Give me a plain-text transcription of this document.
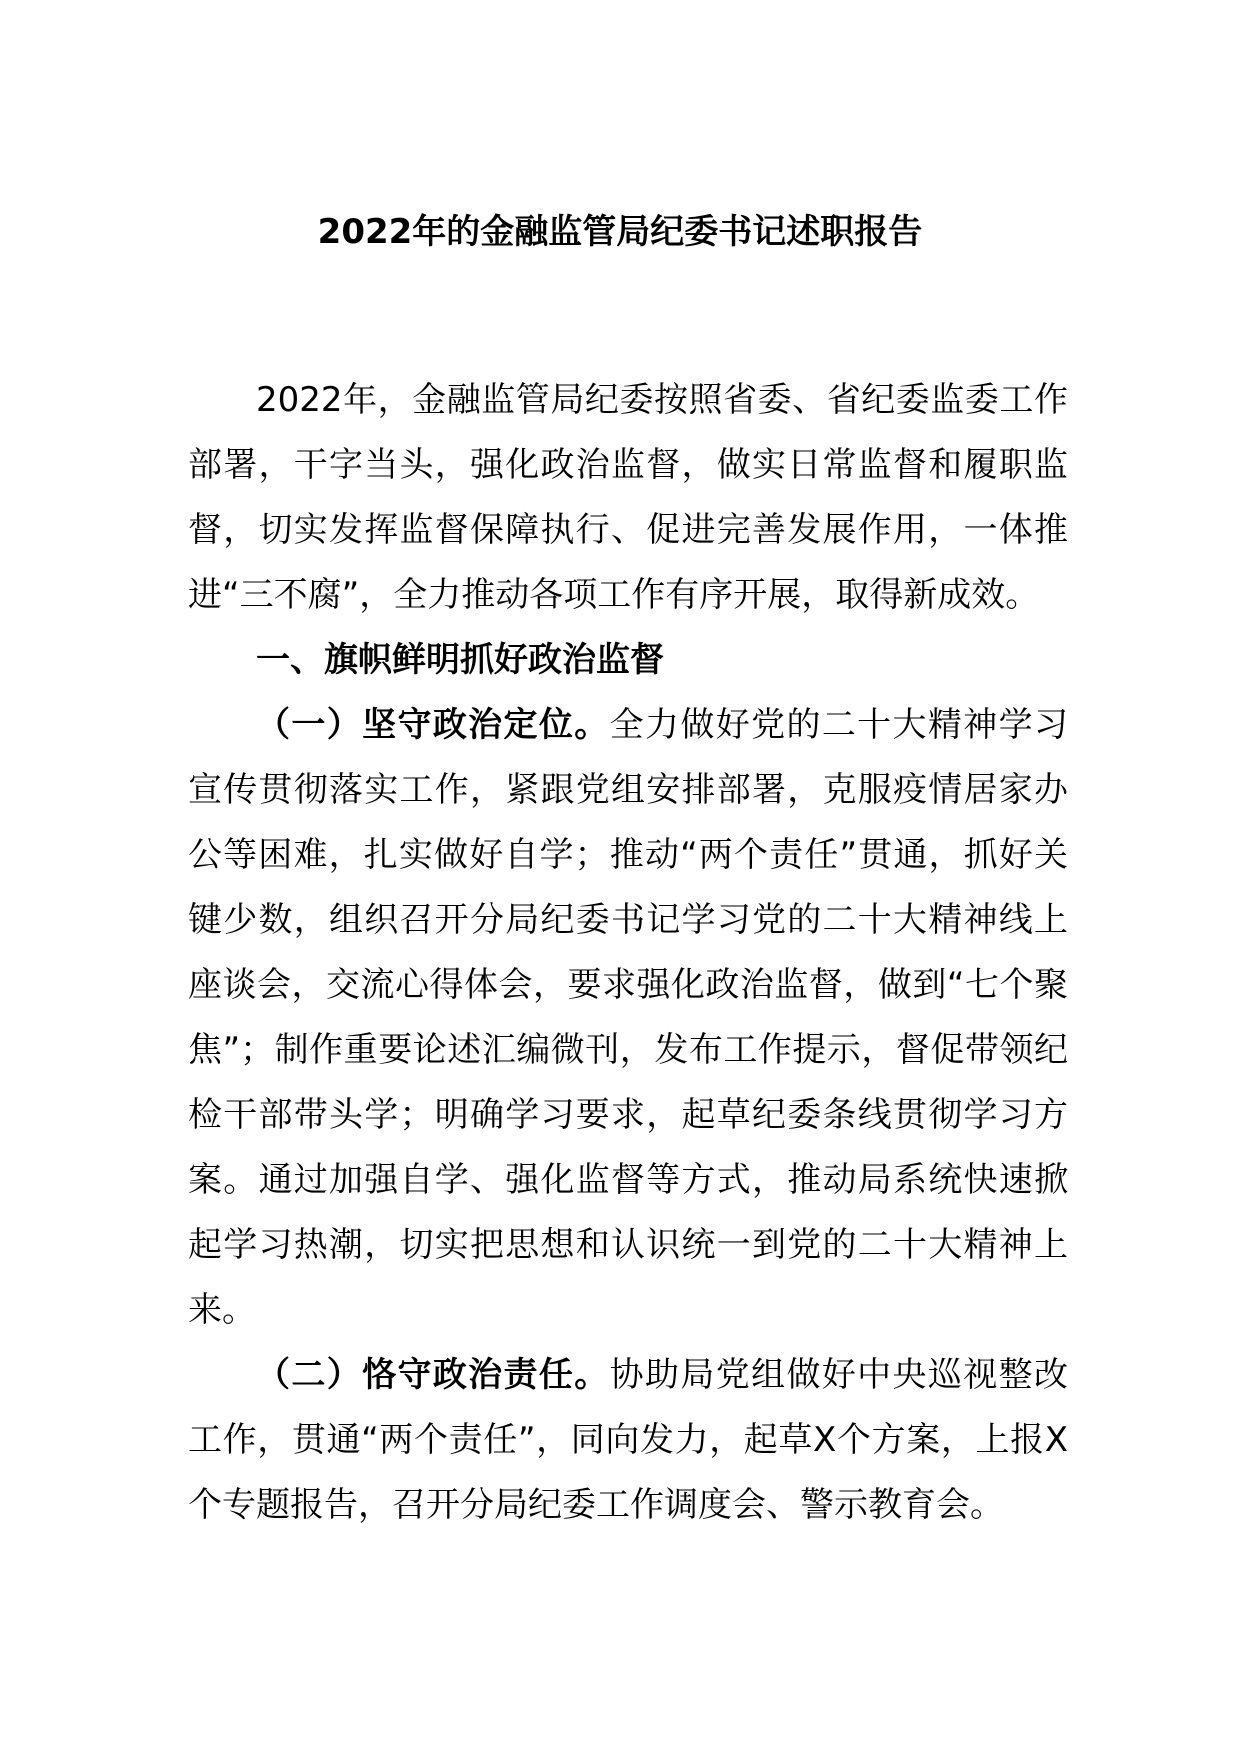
2022年的金融监管局纪委书记述职报告

2022年，金融监管局纪委按照省委、省纪委监委工作部署，干字当头，强化政治监督，做实日常监督和履职监督，切实发挥监督保障执行、促进完善发展作用，一体推进“三不腐”，全力推动各项工作有序开展，取得新成效。

一、旗帜鲜明抓好政治监督

（一）坚守政治定位。全力做好党的二十大精神学习宣传贯彻落实工作，紧跟党组安排部署，克服疫情居家办公等困难，扎实做好自学；推动“两个责任”贯通，抓好关键少数，组织召开分局纪委书记学习党的二十大精神线上座谈会，交流心得体会，要求强化政治监督，做到“七个聚焦”；制作重要论述汇编微刊，发布工作提示，督促带领纪检干部带头学；明确学习要求，起草纪委条线贯彻学习方案。通过加强自学、强化监督等方式，推动局系统快速掀起学习热潮，切实把思想和认识统一到党的二十大精神上来。

（二）恪守政治责任。协助局党组做好中央巡视整改工作，贯通“两个责任”，同向发力，起草X个方案，上报X个专题报告，召开分局纪委工作调度会、警示教育会。
